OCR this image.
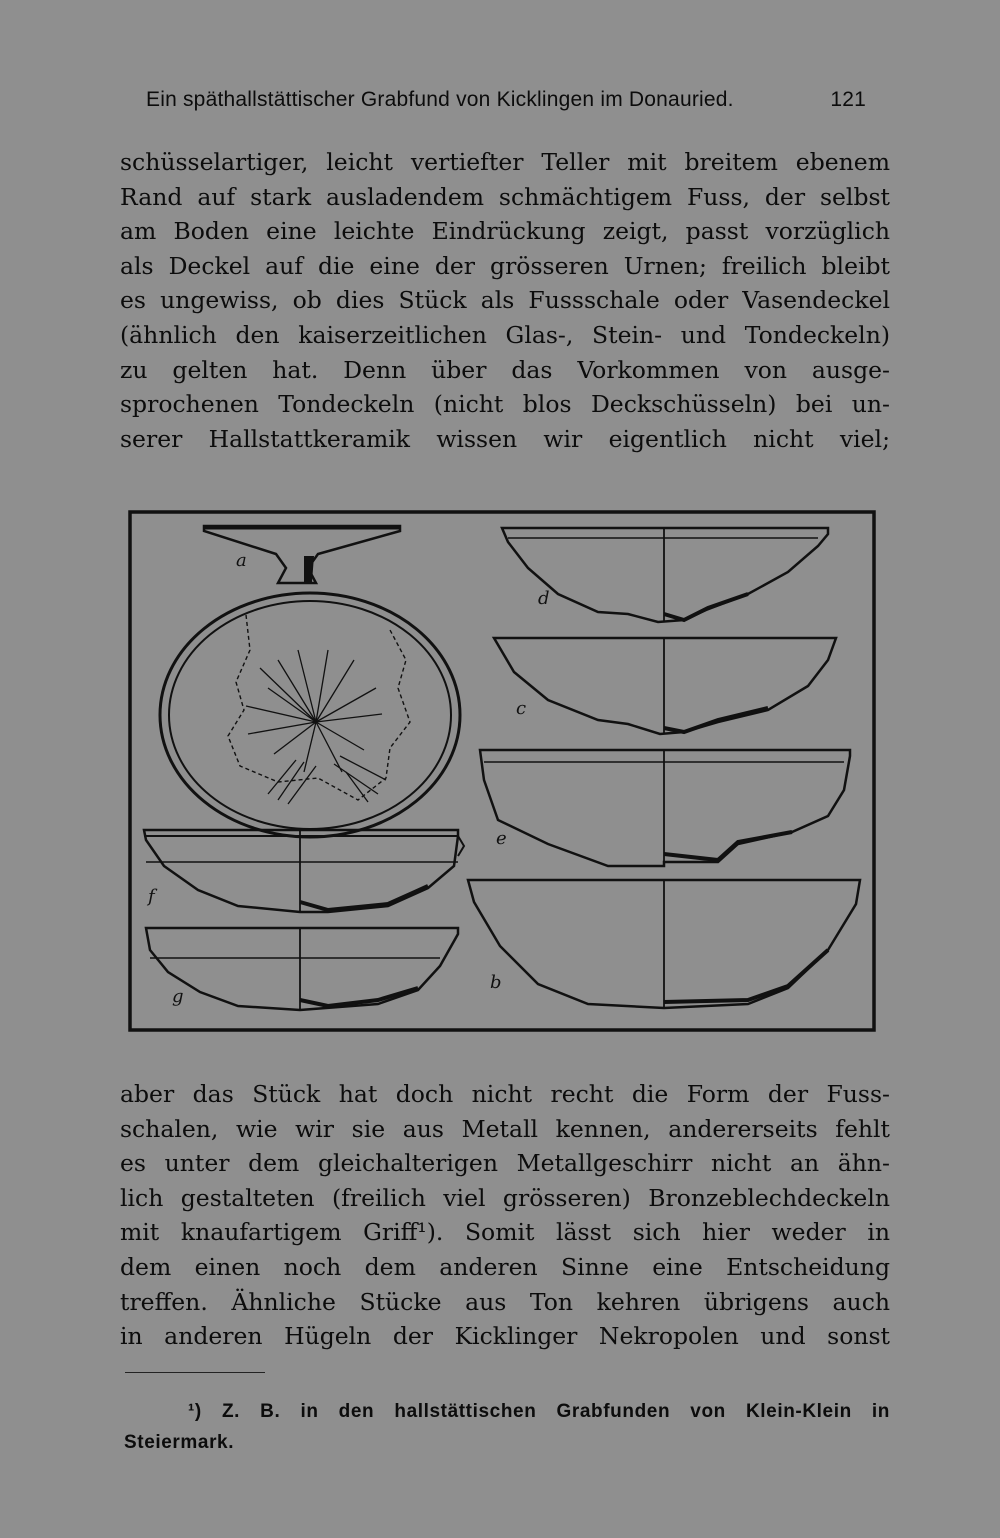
Ein späthallstättischer Grabfund von Kicklingen im Donauried.	121
schüsselartiger, leicht vertiefter Teller mit breitem ebenem
Rand auf stark ausladendem schmächtigem Fuss, der selbst
am Boden eine leichte Eindrückung zeigt, passt vorzüglich
als Deckel auf die eine der grösseren Urnen; freilich bleibt
es ungewiss, ob dies Stück als Fussschale oder Vasendeckel
(ähnlich den kaiserzeitlichen Glas-, Stein- und Tondeckeln)
zu gelten hat. Denn über das Vorkommen von ausge-
sprochenen Tondeckeln (nicht blos Deckschüsseln) bei un-
serer Hallstattkeramik wissen wir eigentlich nicht viel;
a
f
g
d
c
e
b
aber das Stück hat doch nicht recht die Form der Fuss-
schalen, wie wir sie aus Metall kennen, andererseits fehlt
es unter dem gleichalterigen Metallgeschirr nicht an ähn-
lich gestalteten (freilich viel grösseren) Bronzeblechdeckeln
mit knaufartigem Griff¹). Somit lässt sich hier weder in
dem einen noch dem anderen Sinne eine Entscheidung
treffen. Ähnliche Stücke aus Ton kehren übrigens auch
in anderen Hügeln der Kicklinger Nekropolen und sonst
¹) Z. B. in den hallstättischen Grabfunden von Klein-Klein in
Steiermark.
